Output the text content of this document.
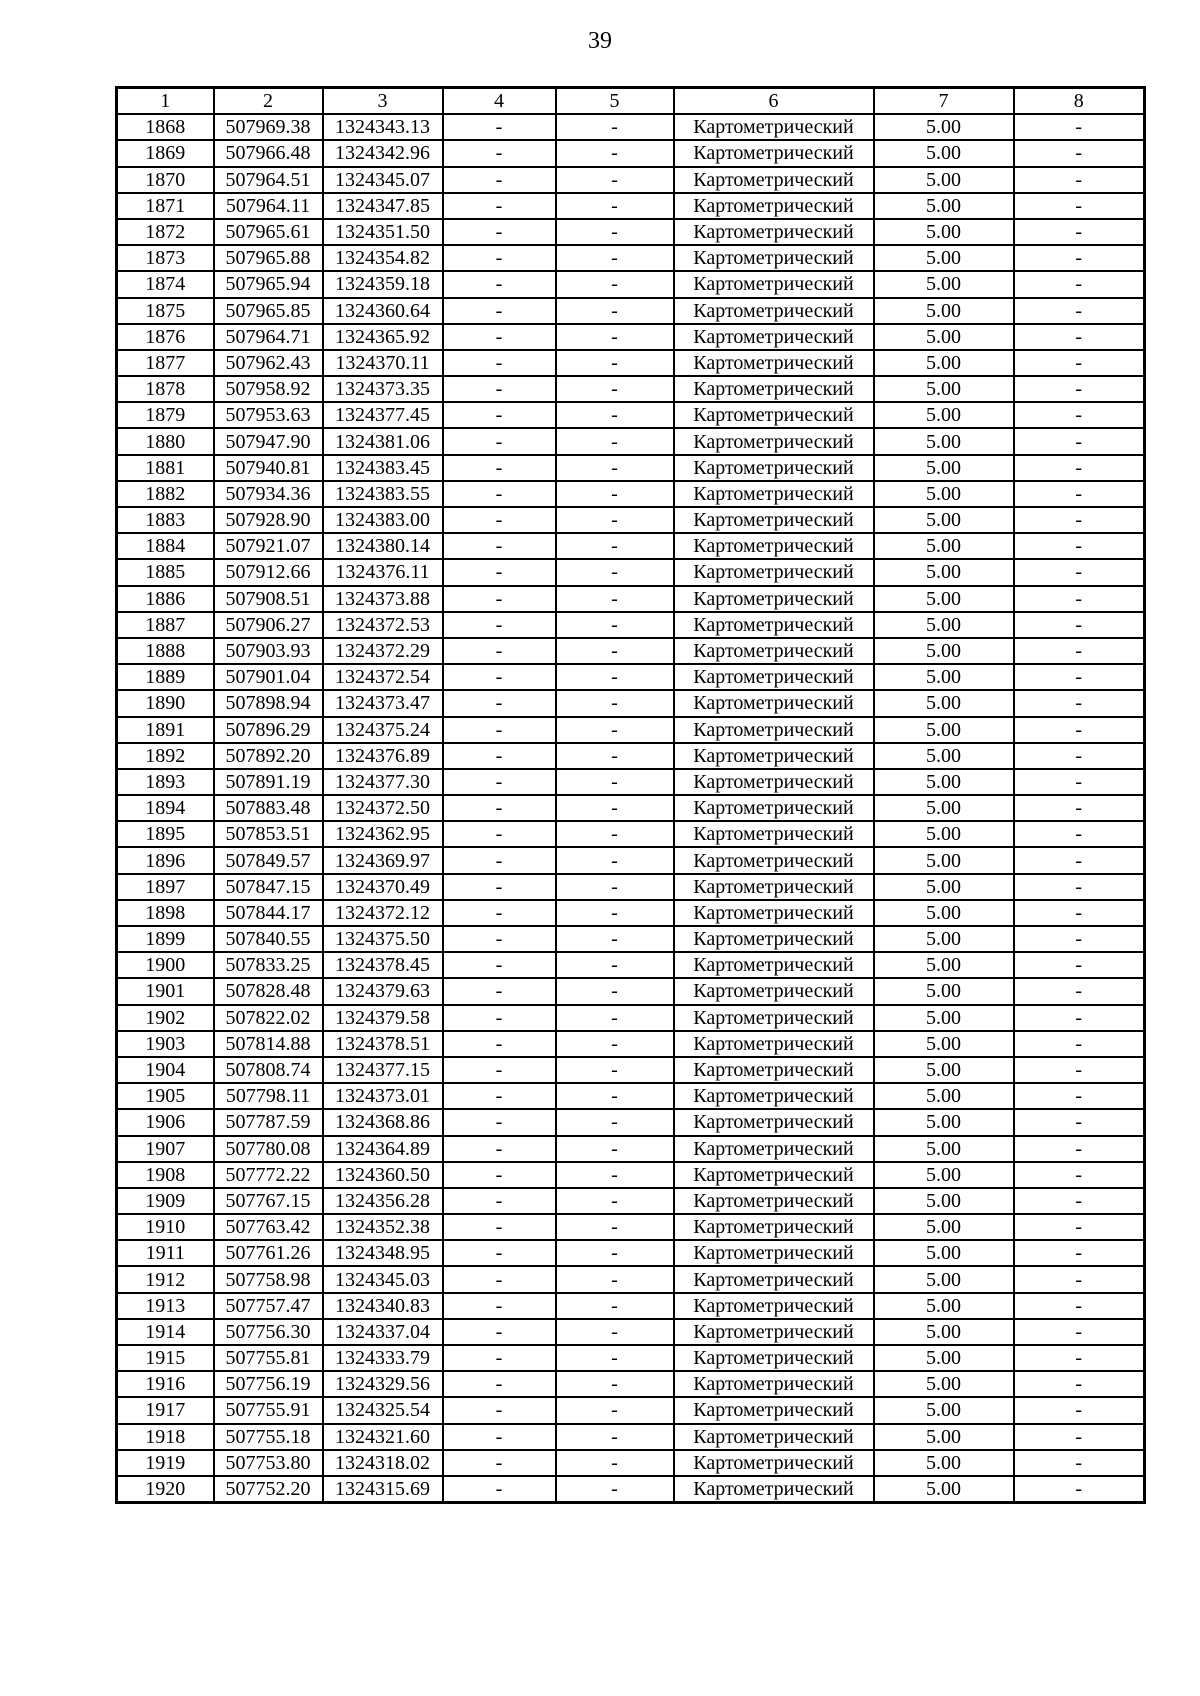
39
1	2	3	4	5	6	7	8
1868	507969.38	1324343.13	-	-	Картометрический	5.00	-
1869	507966.48	1324342.96	-	-	Картометрический	5.00	-
1870	507964.51	1324345.07	-	-	Картометрический	5.00	-
1871	507964.11	1324347.85	-	-	Картометрический	5.00	-
1872	507965.61	1324351.50	-	-	Картометрический	5.00	-
1873	507965.88	1324354.82	-	-	Картометрический	5.00	-
1874	507965.94	1324359.18	-	-	Картометрический	5.00	-
1875	507965.85	1324360.64	-	-	Картометрический	5.00	-
1876	507964.71	1324365.92	-	-	Картометрический	5.00	-
1877	507962.43	1324370.11	-	-	Картометрический	5.00	-
1878	507958.92	1324373.35	-	-	Картометрический	5.00	-
1879	507953.63	1324377.45	-	-	Картометрический	5.00	-
1880	507947.90	1324381.06	-	-	Картометрический	5.00	-
1881	507940.81	1324383.45	-	-	Картометрический	5.00	-
1882	507934.36	1324383.55	-	-	Картометрический	5.00	-
1883	507928.90	1324383.00	-	-	Картометрический	5.00	-
1884	507921.07	1324380.14	-	-	Картометрический	5.00	-
1885	507912.66	1324376.11	-	-	Картометрический	5.00	-
1886	507908.51	1324373.88	-	-	Картометрический	5.00	-
1887	507906.27	1324372.53	-	-	Картометрический	5.00	-
1888	507903.93	1324372.29	-	-	Картометрический	5.00	-
1889	507901.04	1324372.54	-	-	Картометрический	5.00	-
1890	507898.94	1324373.47	-	-	Картометрический	5.00	-
1891	507896.29	1324375.24	-	-	Картометрический	5.00	-
1892	507892.20	1324376.89	-	-	Картометрический	5.00	-
1893	507891.19	1324377.30	-	-	Картометрический	5.00	-
1894	507883.48	1324372.50	-	-	Картометрический	5.00	-
1895	507853.51	1324362.95	-	-	Картометрический	5.00	-
1896	507849.57	1324369.97	-	-	Картометрический	5.00	-
1897	507847.15	1324370.49	-	-	Картометрический	5.00	-
1898	507844.17	1324372.12	-	-	Картометрический	5.00	-
1899	507840.55	1324375.50	-	-	Картометрический	5.00	-
1900	507833.25	1324378.45	-	-	Картометрический	5.00	-
1901	507828.48	1324379.63	-	-	Картометрический	5.00	-
1902	507822.02	1324379.58	-	-	Картометрический	5.00	-
1903	507814.88	1324378.51	-	-	Картометрический	5.00	-
1904	507808.74	1324377.15	-	-	Картометрический	5.00	-
1905	507798.11	1324373.01	-	-	Картометрический	5.00	-
1906	507787.59	1324368.86	-	-	Картометрический	5.00	-
1907	507780.08	1324364.89	-	-	Картометрический	5.00	-
1908	507772.22	1324360.50	-	-	Картометрический	5.00	-
1909	507767.15	1324356.28	-	-	Картометрический	5.00	-
1910	507763.42	1324352.38	-	-	Картометрический	5.00	-
1911	507761.26	1324348.95	-	-	Картометрический	5.00	-
1912	507758.98	1324345.03	-	-	Картометрический	5.00	-
1913	507757.47	1324340.83	-	-	Картометрический	5.00	-
1914	507756.30	1324337.04	-	-	Картометрический	5.00	-
1915	507755.81	1324333.79	-	-	Картометрический	5.00	-
1916	507756.19	1324329.56	-	-	Картометрический	5.00	-
1917	507755.91	1324325.54	-	-	Картометрический	5.00	-
1918	507755.18	1324321.60	-	-	Картометрический	5.00	-
1919	507753.80	1324318.02	-	-	Картометрический	5.00	-
1920	507752.20	1324315.69	-	-	Картометрический	5.00	-
